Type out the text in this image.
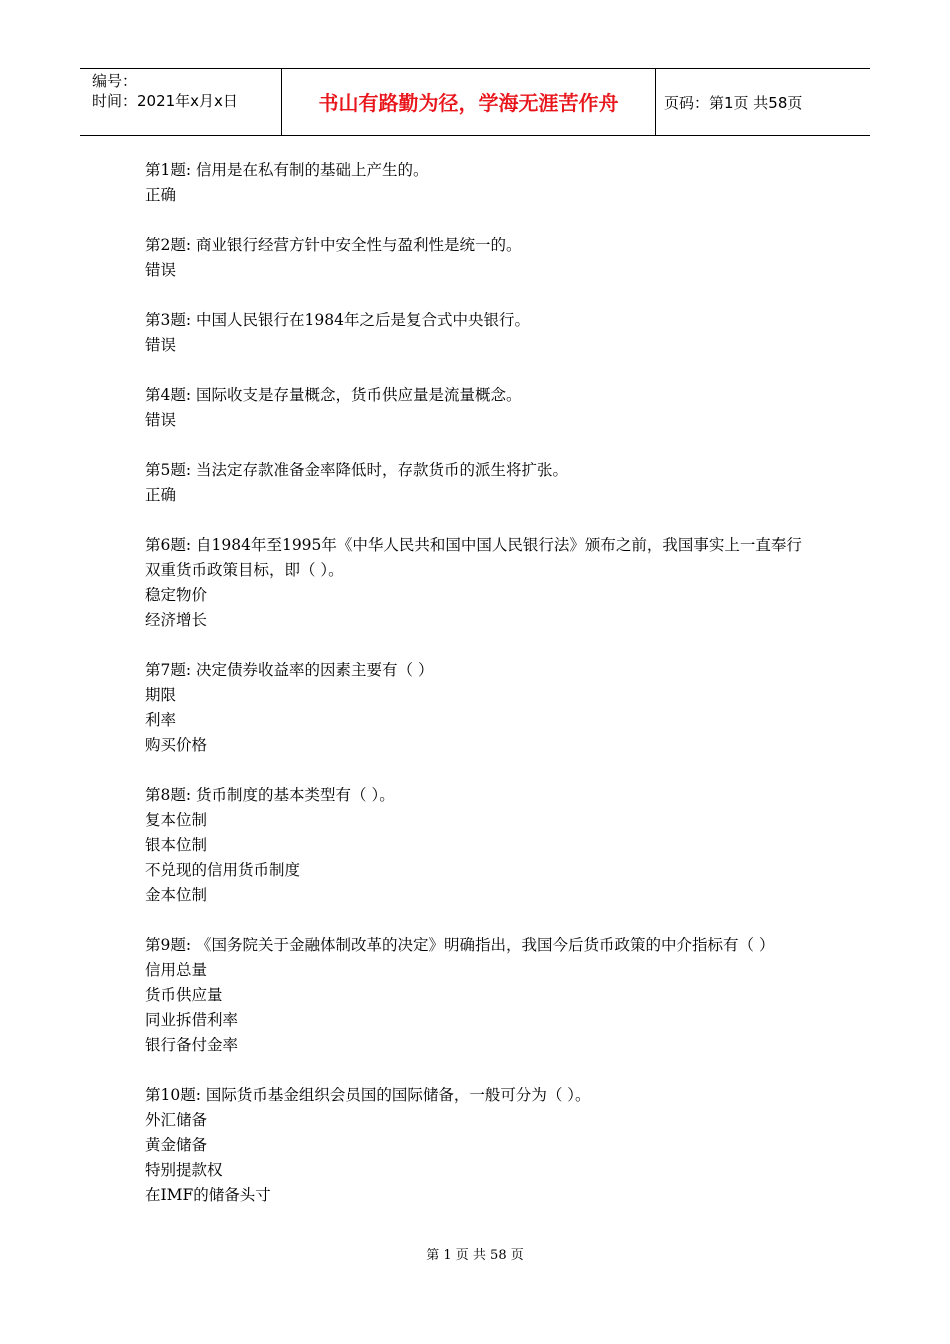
编号：
时间：2021年x月x日	书山有路勤为径，学海无涯苦作舟	页码：第1页 共58页
第1题: 信用是在私有制的基础上产生的。
正确
第2题: 商业银行经营方针中安全性与盈利性是统一的。
错误
第3题: 中国人民银行在1984年之后是复合式中央银行。
错误
第4题: 国际收支是存量概念，货币供应量是流量概念。
错误
第5题: 当法定存款准备金率降低时，存款货币的派生将扩张。
正确
第6题: 自1984年至1995年《中华人民共和国中国人民银行法》颁布之前，我国事实上一直奉行双重货币政策目标，即（ ）。
稳定物价
经济增长
第7题: 决定债券收益率的因素主要有（ ）
期限
利率
购买价格
第8题: 货币制度的基本类型有（ ）。
复本位制
银本位制
不兑现的信用货币制度
金本位制
第9题: 《国务院关于金融体制改革的决定》明确指出，我国今后货币政策的中介指标有（ ）
信用总量
货币供应量
同业拆借利率
银行备付金率
第10题: 国际货币基金组织会员国的国际储备，一般可分为（ ）。
外汇储备
黄金储备
特别提款权
在IMF的储备头寸
第 1 页 共 58 页
